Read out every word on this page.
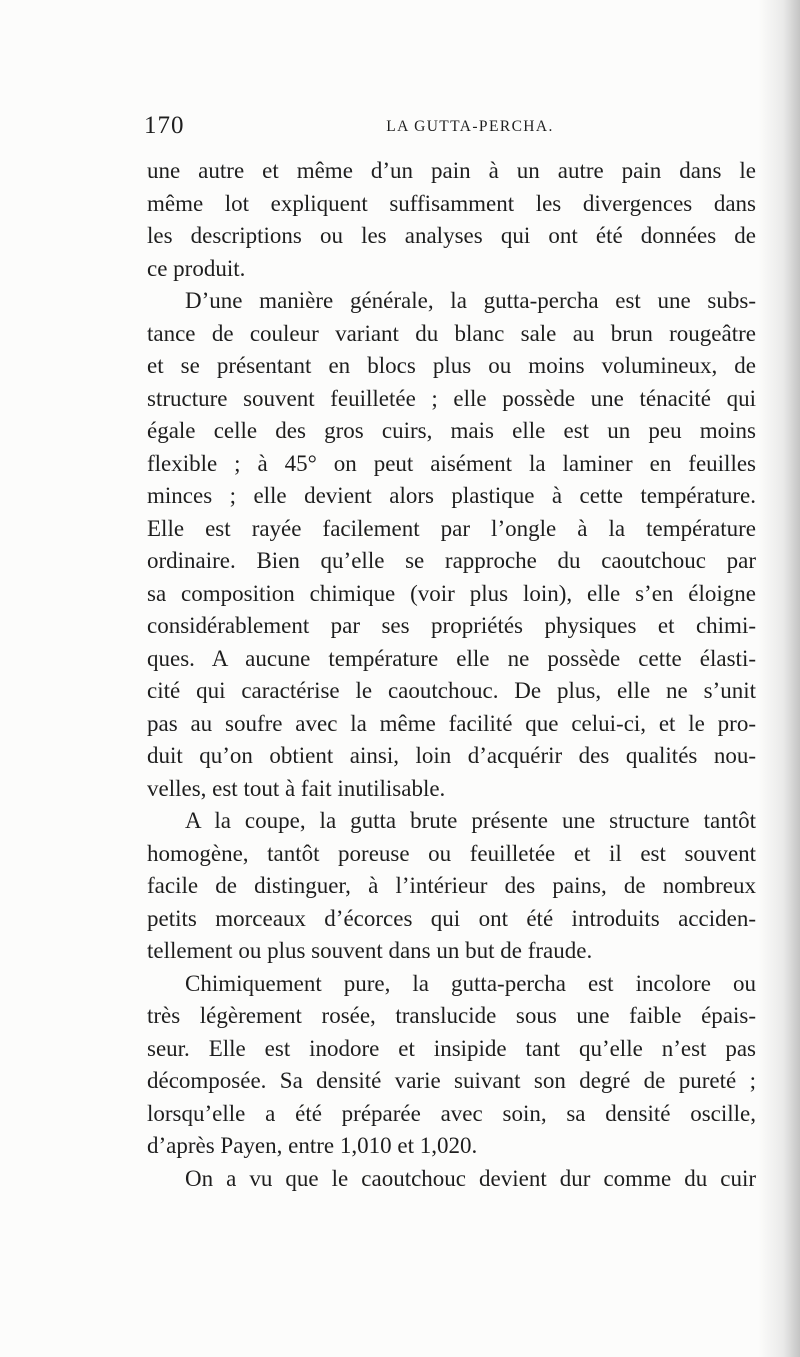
170	LA GUTTA-PERCHA.
une autre et même d’un pain à un autre pain dans le
même lot expliquent suffisamment les divergences dans
les descriptions ou les analyses qui ont été données de
ce produit.
D’une manière générale, la gutta-percha est une subs-
tance de couleur variant du blanc sale au brun rougeâtre
et se présentant en blocs plus ou moins volumineux, de
structure souvent feuilletée ; elle possède une ténacité qui
égale celle des gros cuirs, mais elle est un peu moins
flexible ; à 45° on peut aisément la laminer en feuilles
minces ; elle devient alors plastique à cette température.
Elle est rayée facilement par l’ongle à la température
ordinaire. Bien qu’elle se rapproche du caoutchouc par
sa composition chimique (voir plus loin), elle s’en éloigne
considérablement par ses propriétés physiques et chimi-
ques. A aucune température elle ne possède cette élasti-
cité qui caractérise le caoutchouc. De plus, elle ne s’unit
pas au soufre avec la même facilité que celui-ci, et le pro-
duit qu’on obtient ainsi, loin d’acquérir des qualités nou-
velles, est tout à fait inutilisable.
A la coupe, la gutta brute présente une structure tantôt
homogène, tantôt poreuse ou feuilletée et il est souvent
facile de distinguer, à l’intérieur des pains, de nombreux
petits morceaux d’écorces qui ont été introduits acciden-
tellement ou plus souvent dans un but de fraude.
Chimiquement pure, la gutta-percha est incolore ou
très légèrement rosée, translucide sous une faible épais-
seur. Elle est inodore et insipide tant qu’elle n’est pas
décomposée. Sa densité varie suivant son degré de pureté ;
lorsqu’elle a été préparée avec soin, sa densité oscille,
d’après Payen, entre 1,010 et 1,020.
On a vu que le caoutchouc devient dur comme du cuir
